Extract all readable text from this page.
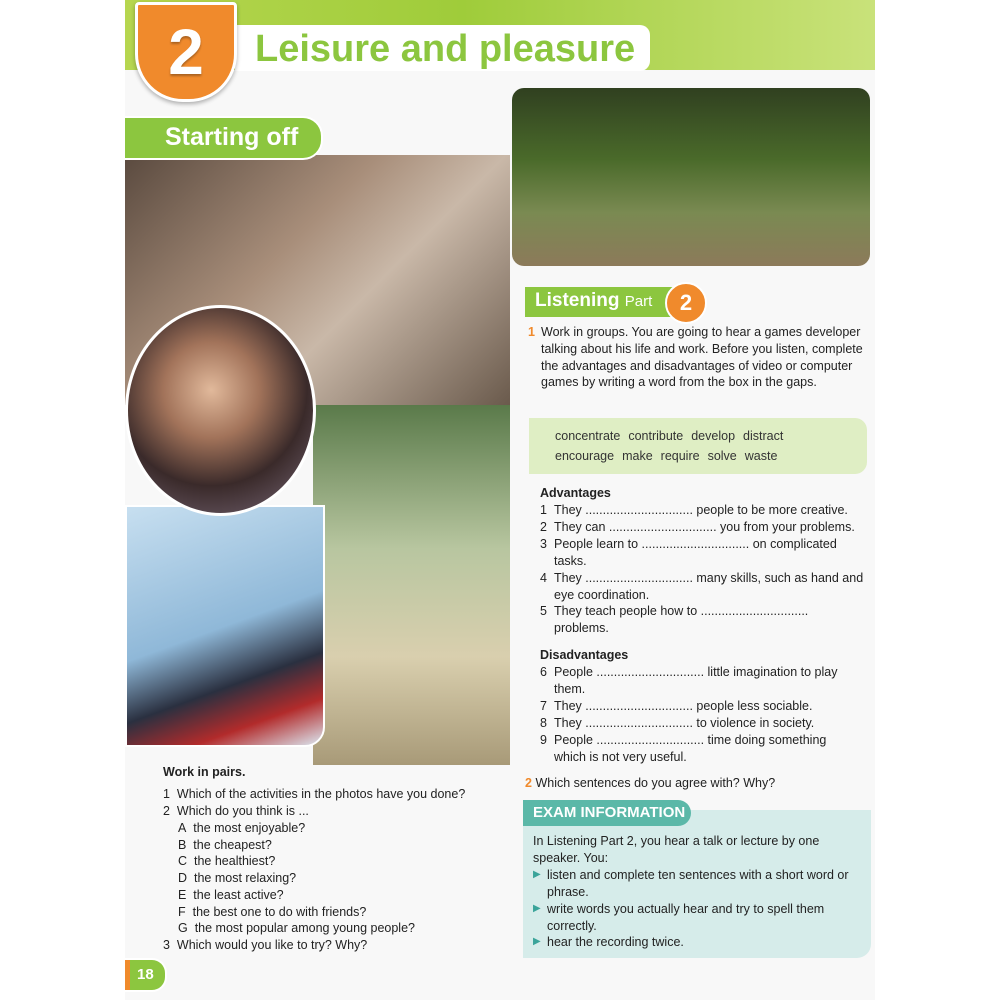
2 Leisure and pleasure
Starting off
Listening Part 2
1 Work in groups. You are going to hear a games developer talking about his life and work. Before you listen, complete the advantages and disadvantages of video or computer games by writing a word from the box in the gaps.
concentrate contribute develop distract
encourage make require solve waste
Advantages
1 They ............................... people to be more creative.
2 They can ............................... you from your problems.
3 People learn to ............................... on complicated tasks.
4 They ............................... many skills, such as hand and eye coordination.
5 They teach people how to ............................... problems.
Disadvantages
6 People ............................... little imagination to play them.
7 They ............................... people less sociable.
8 They ............................... to violence in society.
9 People ............................... time doing something which is not very useful.
2 Which sentences do you agree with? Why?
EXAM INFORMATION
In Listening Part 2, you hear a talk or lecture by one speaker. You:
▶ listen and complete ten sentences with a short word or phrase.
▶ write words you actually hear and try to spell them correctly.
▶ hear the recording twice.
Work in pairs.
1 Which of the activities in the photos have you done?
2 Which do you think is ...
A the most enjoyable?
B the cheapest?
C the healthiest?
D the most relaxing?
E the least active?
F the best one to do with friends?
G the most popular among young people?
3 Which would you like to try? Why?
18
